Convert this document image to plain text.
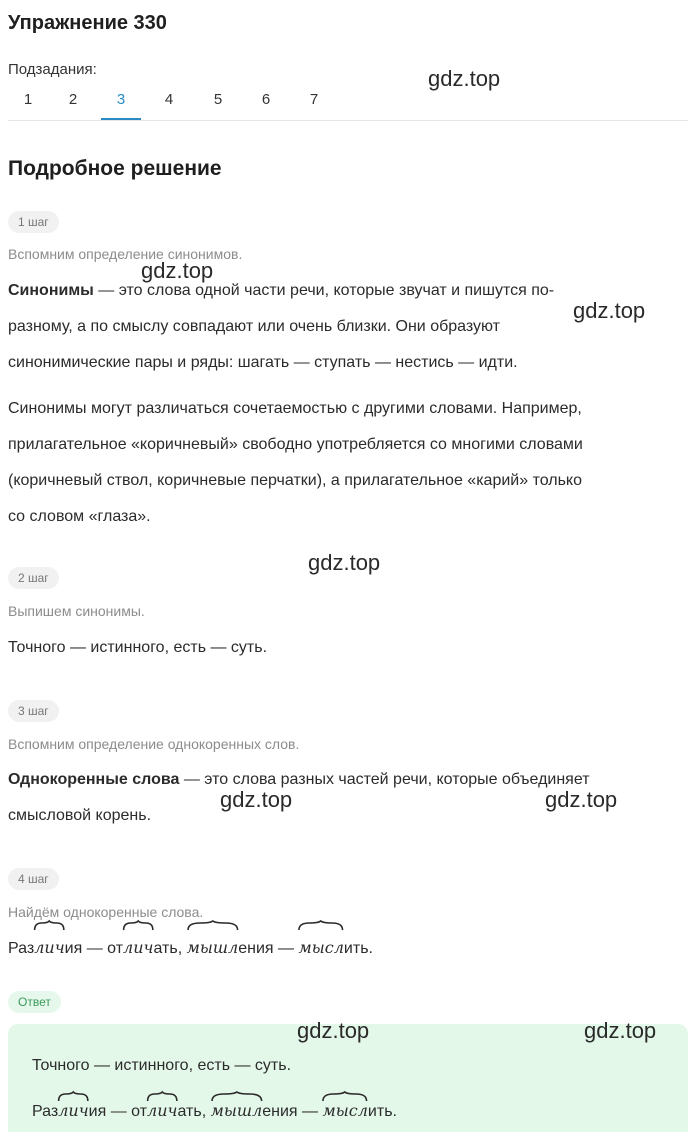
Упражнение 330
Подзадания:
1	2	3	4	5	6	7
Подробное решение
1 шаг
Вспомним определение синонимов.
Синонимы — это слова одной части речи, которые звучат и пишутся по-
разному, а по смыслу совпадают или очень близки. Они образуют
синонимические пары и ряды: шагать — ступать — нестись — идти.
Синонимы могут различаться сочетаемостью с другими словами. Например,
прилагательное «коричневый» свободно употребляется со многими словами
(коричневый ствол, коричневые перчатки), а прилагательное «карий» только
со словом «глаза».
2 шаг
Выпишем синонимы.
Точного — истинного, есть — суть.
3 шаг
Вспомним определение однокоренных слов.
Однокоренные слова — это слова разных частей речи, которые объединяет
смысловой корень.
4 шаг
Найдём однокоренные слова.
Раз
личия — от
личать,
мышления —
мыслить.
Ответ
Точного — истинного, есть — суть.
Раз
личия — от
личать,
мышления —
мыслить.
gdz.top
gdz.top
gdz.top
gdz.top
gdz.top	gdz.top
gdz.top	gdz.top
